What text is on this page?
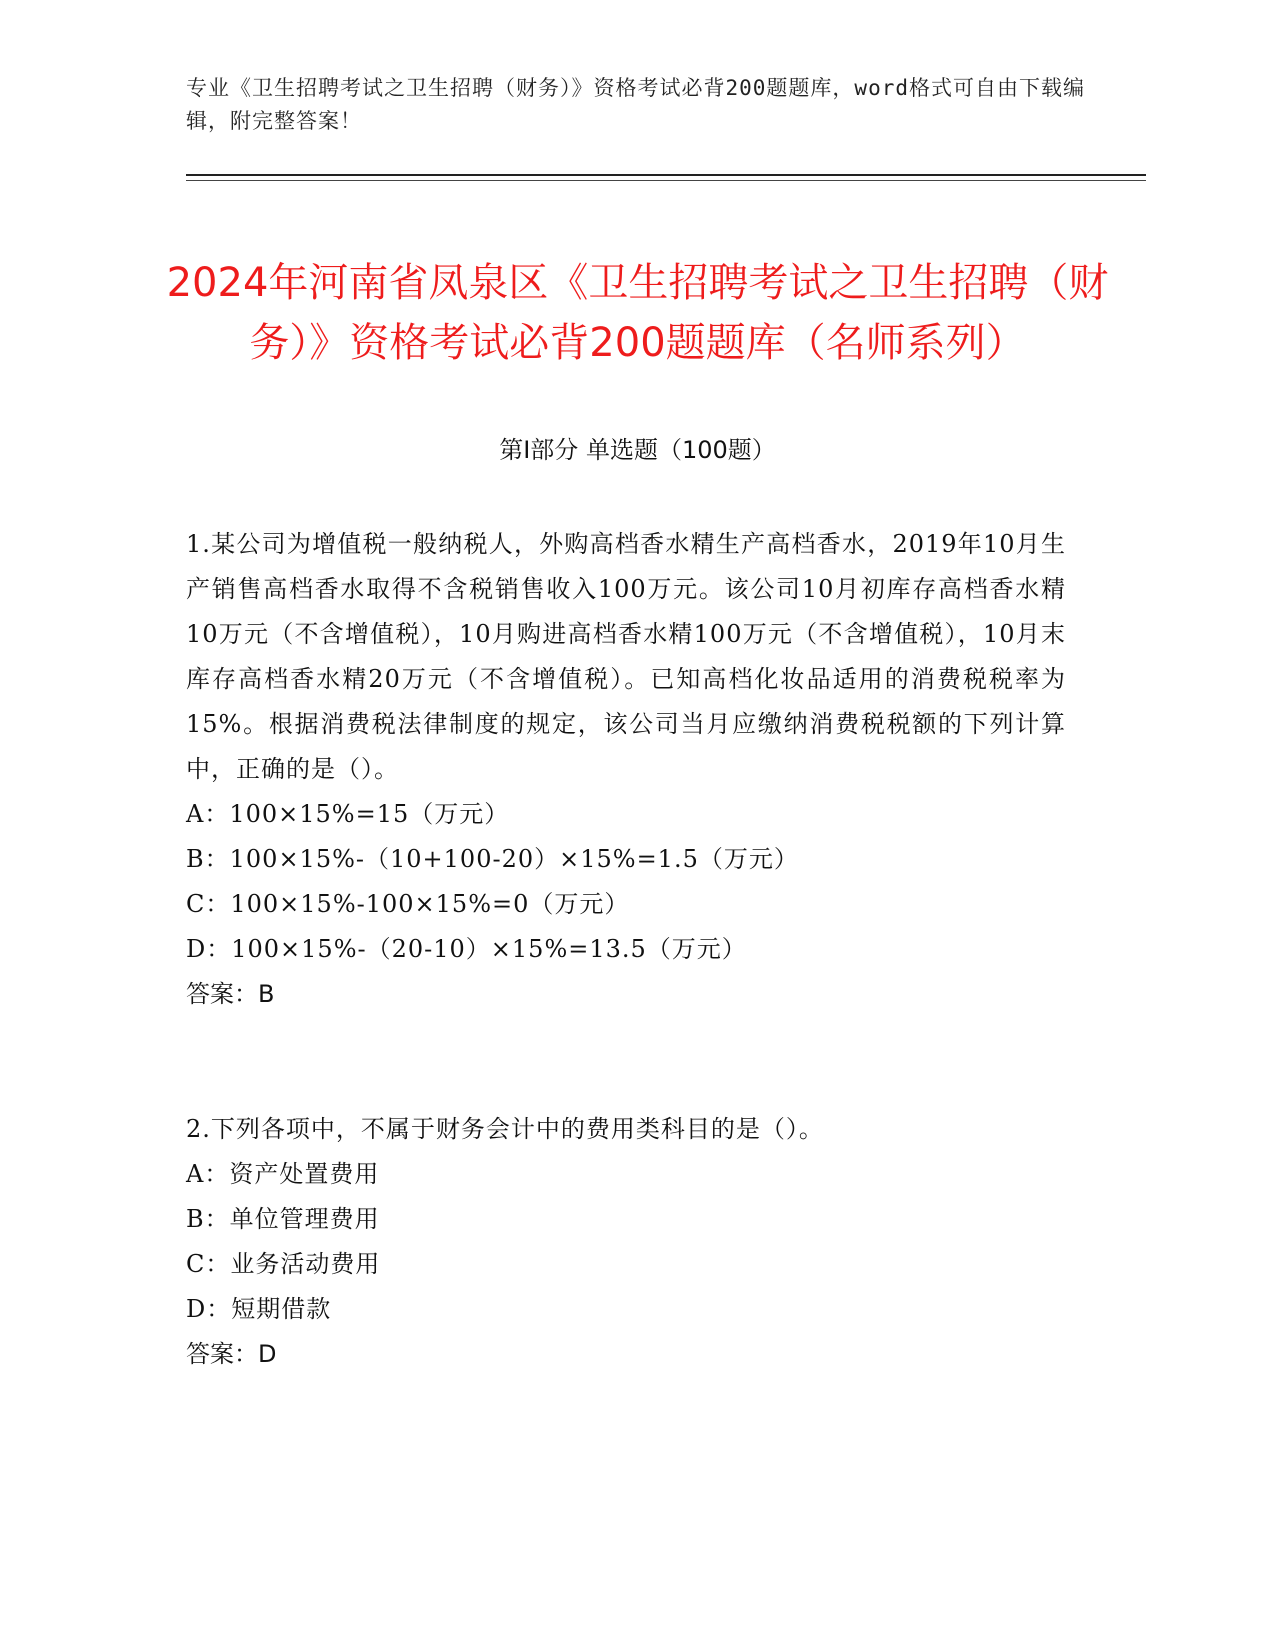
专业《卫生招聘考试之卫生招聘（财务）》资格考试必背200题题库，word格式可自由下载编辑，附完整答案！
2024年河南省凤泉区《卫生招聘考试之卫生招聘（财务）》资格考试必背200题题库（名师系列）
第Ⅰ部分 单选题（100题）

1.某公司为增值税一般纳税人，外购高档香水精生产高档香水，2019年10月生产销售高档香水取得不含税销售收入100万元。该公司10月初库存高档香水精10万元（不含增值税），10月购进高档香水精100万元（不含增值税），10月末库存高档香水精20万元（不含增值税）。已知高档化妆品适用的消费税税率为15%。根据消费税法律制度的规定，该公司当月应缴纳消费税税额的下列计算中，正确的是（）。

A：100×15%=15（万元）

B：100×15%-（10+100-20）×15%=1.5（万元）

C：100×15%-100×15%=0（万元）

D：100×15%-（20-10）×15%=13.5（万元）

答案：B

2.下列各项中，不属于财务会计中的费用类科目的是（）。

A：资产处置费用

B：单位管理费用

C：业务活动费用

D：短期借款

答案：D
